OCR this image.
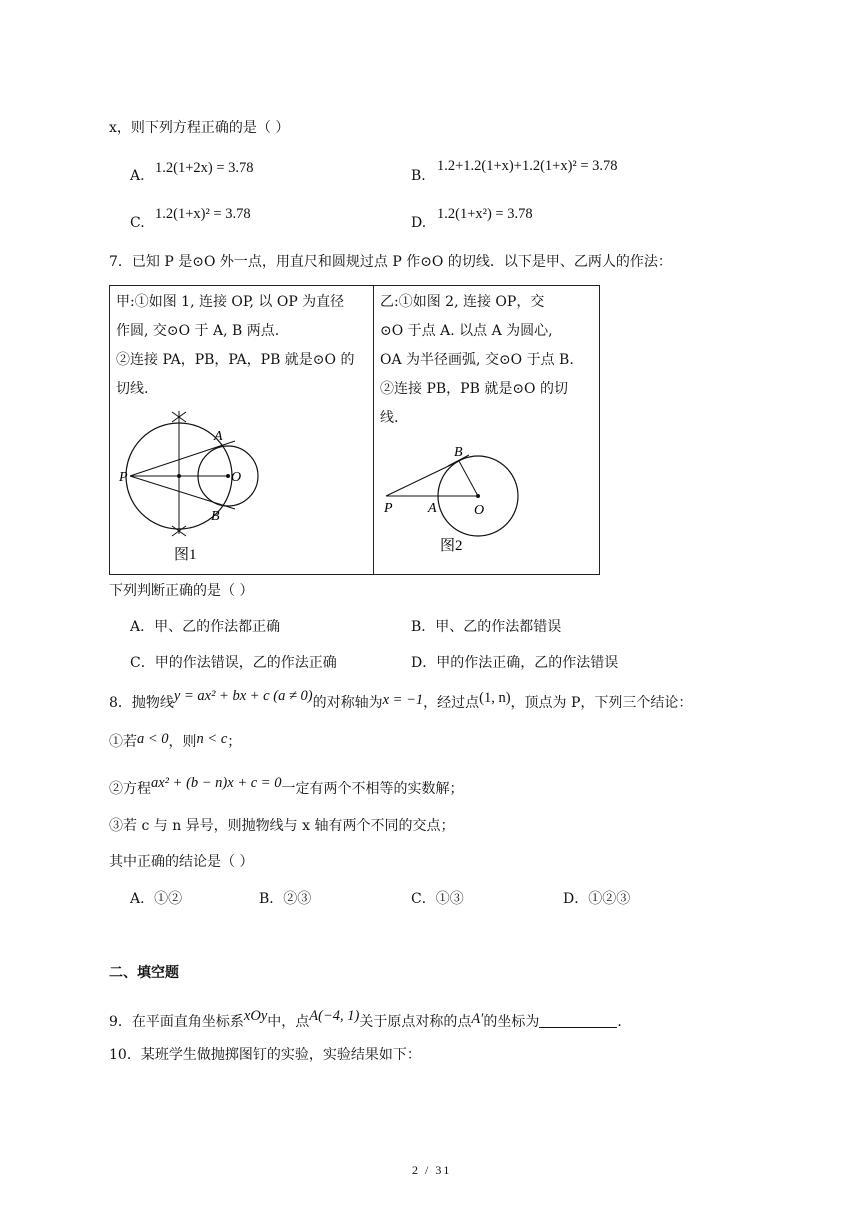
x，则下列方程正确的是（ ）
A. 1.2(1+2x) = 3.78	B.
1.2+1.2(1+x)+1.2(1+x)² = 3.78
C.
1.2(1+x)² = 3.78
D.
1.2(1+x²) = 3.78
7．已知 P 是⊙O 外一点，用直尺和圆规过点 P 作⊙O 的切线．以下是甲、乙两人的作法：
甲:①如图 1, 连接 OP, 以 OP 为直径
作圆, 交⊙O 于 A, B 两点.
②连接 PA，PB，PA，PB 就是⊙O 的
切线.
P	O
A
B
图1
乙:①如图 2, 连接 OP，交
⊙O 于点 A. 以点 A 为圆心,
OA 为半径画弧, 交⊙O 于点 B.
②连接 PB，PB 就是⊙O 的切
线.
P	A	O
B
图2
下列判断正确的是（ ）
A．甲、乙的作法都正确	B．甲、乙的作法都错误
C．甲的作法错误，乙的作法正确	D．甲的作法正确，乙的作法错误
8．抛物线y = ax² + bx + c (a ≠ 0)的对称轴为x = −1，经过点(1, n)，顶点为 P，下列三个结论：
①若a < 0，则n < c；
②方程ax² + (b − n)x + c = 0一定有两个不相等的实数解；
③若 c 与 n 异号，则抛物线与 x 轴有两个不同的交点；
其中正确的结论是（ ）
A．①②	B．②③	C．①③	D．①②③
二、填空题
9．在平面直角坐标系xOy中，点A(−4, 1)关于原点对称的点A′的坐标为	．
10．某班学生做抛掷图钉的实验，实验结果如下：
2 / 31
